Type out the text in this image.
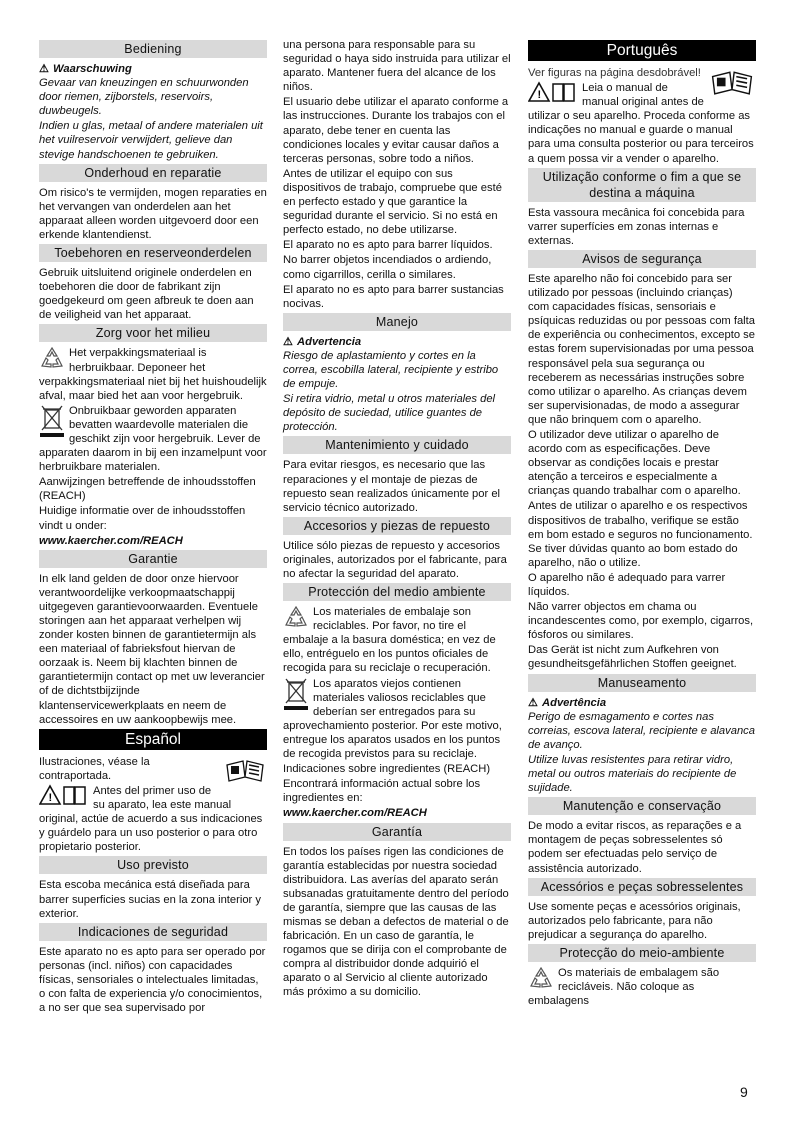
Bediening
⚠ Waarschuwing

Gevaar van kneuzingen en schuurwonden door riemen, zijborstels, reservoirs, duwbeugels.

Indien u glas, metaal of andere materialen uit het vuilreservoir verwijdert, gelieve dan stevige handschoenen te gebruiken.

Onderhoud en reparatie

Om risico's te vermijden, mogen reparaties en het vervangen van onderdelen aan het apparaat alleen worden uitgevoerd door een erkende klantendienst.

Toebehoren en reserveonderdelen

Gebruik uitsluitend originele onderdelen en toebehoren die door de fabrikant zijn goedgekeurd om geen afbreuk te doen aan de veiligheid van het apparaat.

Zorg voor het milieu

Het verpakkingsmateriaal is herbruikbaar. Deponeer het verpakkingsmateriaal niet bij het huishoudelijk afval, maar bied het aan voor hergebruik.

Onbruikbaar geworden apparaten bevatten waardevolle materialen die geschikt zijn voor hergebruik. Lever de apparaten daarom in bij een inzamelpunt voor herbruikbare materialen.

Aanwijzingen betreffende de inhoudsstoffen (REACH)

Huidige informatie over de inhoudsstoffen vindt u onder:

www.kaercher.com/REACH

Garantie

In elk land gelden de door onze hiervoor verantwoordelijke verkoopmaatschappij uitgegeven garantievoorwaarden. Eventuele storingen aan het apparaat verhelpen wij zonder kosten binnen de garantietermijn als een materiaal of fabrieksfout hiervan de oorzaak is. Neem bij klachten binnen de garantietermijn contact op met uw leverancier of de dichtstbijzijnde klantenservicewerkplaats en neem de accessoires en uw aankoopbewijs mee.

Español

Ilustraciones, véase la contraportada.

!
Antes del primer uso de su aparato, lea este manual original, actúe de acuerdo a sus indicaciones y guárdelo para un uso posterior o para otro propietario posterior.

Uso previsto

Esta escoba mecánica está diseñada para barrer superficies sucias en la zona interior y exterior.

Indicaciones de seguridad

Este aparato no es apto para ser operado por personas (incl. niños) con capacidades físicas, sensoriales o intelectuales limitadas, o con falta de experiencia y/o conocimientos, a no ser que sea supervisado por

una persona para responsable para su seguridad o haya sido instruida para utilizar el aparato. Mantener fuera del alcance de los niños.

El usuario debe utilizar el aparato conforme a las instrucciones. Durante los trabajos con el aparato, debe tener en cuenta las condiciones locales y evitar causar daños a terceras personas, sobre todo a niños.

Antes de utilizar el equipo con sus dispositivos de trabajo, compruebe que esté en perfecto estado y que garantice la seguridad durante el servicio. Si no está en perfecto estado, no debe utilizarse.

El aparato no es apto para barrer líquidos.

No barrer objetos incendiados o ardiendo, como cigarrillos, cerilla o similares.

El aparato no es apto para barrer sustancias nocivas.

Manejo
⚠ Advertencia

Riesgo de aplastamiento y cortes en la correa, escobilla lateral, recipiente y estribo de empuje.

Si retira vidrio, metal u otros materiales del depósito de suciedad, utilice guantes de protección.

Mantenimiento y cuidado

Para evitar riesgos, es necesario que las reparaciones y el montaje de piezas de repuesto sean realizados únicamente por el servicio técnico autorizado.

Accesorios y piezas de repuesto

Utilice sólo piezas de repuesto y accesorios originales, autorizados por el fabricante, para no afectar la seguridad del aparato.

Protección del medio ambiente

Los materiales de embalaje son reciclables. Por favor, no tire el embalaje a la basura doméstica; en vez de ello, entréguelo en los puntos oficiales de recogida para su reciclaje o recuperación.

Los aparatos viejos contienen materiales valiosos reciclables que deberían ser entregados para su aprovechamiento posterior. Por este motivo, entregue los aparatos usados en los puntos de recogida previstos para su reciclaje.

Indicaciones sobre ingredientes (REACH)

Encontrará información actual sobre los ingredientes en:

www.kaercher.com/REACH

Garantía

En todos los países rigen las condiciones de garantía establecidas por nuestra sociedad distribuidora. Las averías del aparato serán subsanadas gratuitamente dentro del período de garantía, siempre que las causas de las mismas se deban a defectos de material o de fabricación. En un caso de garantía, le rogamos que se dirija con el comprobante de compra al distribuidor donde adquirió el aparato o al Servicio al cliente autorizado más próximo a su domicilio.

Português

Ver figuras na página desdobrável!

!
Leia o manual de manual original antes de utilizar o seu aparelho. Proceda conforme as indicações no manual e guarde o manual para uma consulta posterior ou para terceiros a quem possa vir a vender o aparelho.

Utilização conforme o fim a que se destina a máquina

Esta vassoura mecânica foi concebida para varrer superfícies em zonas internas e externas.

Avisos de segurança

Este aparelho não foi concebido para ser utilizado por pessoas (incluindo crianças) com capacidades físicas, sensoriais e psíquicas reduzidas ou por pessoas com falta de experiência ou conhecimentos, excepto se estas forem supervisionadas por uma pessoa responsável pela sua segurança ou receberem as necessárias instruções sobre como utilizar o aparelho. As crianças devem ser supervisionadas, de modo a assegurar que não brinquem com o aparelho.

O utilizador deve utilizar o aparelho de acordo com as especificações. Deve observar as condições locais e prestar atenção a terceiros e especialmente a crianças quando trabalhar com o aparelho.

Antes de utilizar o aparelho e os respectivos dispositivos de trabalho, verifique se estão em bom estado e seguros no funcionamento. Se tiver dúvidas quanto ao bom estado do aparelho, não o utilize.

O aparelho não é adequado para varrer líquidos.

Não varrer objectos em chama ou incandescentes como, por exemplo, cigarros, fósforos ou similares.

Das Gerät ist nicht zum Aufkehren von gesundheitsgefährlichen Stoffen geeignet.

Manuseamento
⚠ Advertência

Perigo de esmagamento e cortes nas correias, escova lateral, recipiente e alavanca de avanço.

Utilize luvas resistentes para retirar vidro, metal ou outros materiais do recipiente de sujidade.

Manutenção e conservação

De modo a evitar riscos, as reparações e a montagem de peças sobresselentes só podem ser efectuadas pelo serviço de assistência autorizado.

Acessórios e peças sobresselentes

Use somente peças e acessórios originais, autorizados pelo fabricante, para não prejudicar a segurança do aparelho.

Protecção do meio-ambiente

Os materiais de embalagem são recicláveis. Não coloque as embalagens

9
